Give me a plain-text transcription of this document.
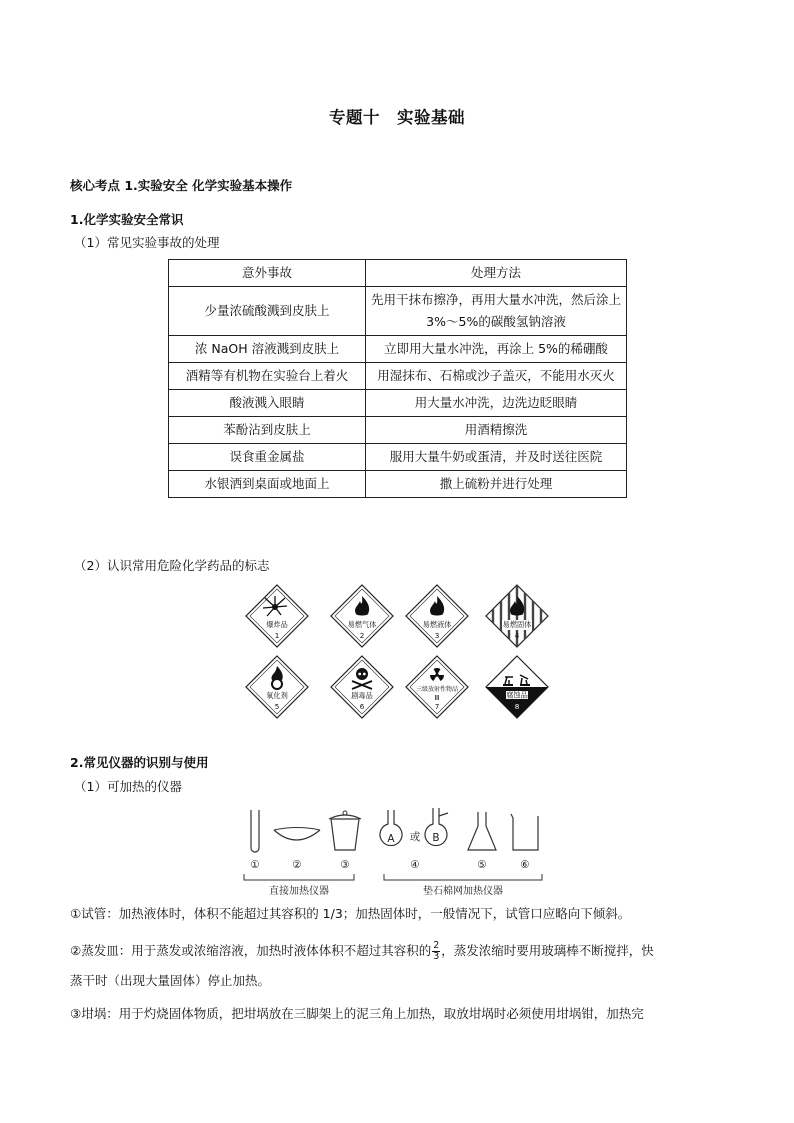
专题十　实验基础
核心考点 1.实验安全 化学实验基本操作
1.化学实验安全常识
（1）常见实验事故的处理
意外事故	处理方法
少量浓硫酸溅到皮肤上	先用干抹布擦净，再用大量水冲洗，然后涂上 3%～5%的碳酸氢钠溶液
浓 NaOH 溶液溅到皮肤上	立即用大量水冲洗，再涂上 5%的稀硼酸
酒精等有机物在实验台上着火	用湿抹布、石棉或沙子盖灭，不能用水灭火
酸液溅入眼睛	用大量水冲洗，边洗边眨眼睛
苯酚沾到皮肤上	用酒精擦洗
误食重金属盐	服用大量牛奶或蛋清，并及时送往医院
水银洒到桌面或地面上	撒上硫粉并进行处理
（2）认识常用危险化学药品的标志
爆炸品
1
易燃气体
2
易燃液体
3
易燃固体
4
氧化剂
5
剧毒品
6
三级放射性物品
Ⅲ
7
腐蚀品
8
2.常见仪器的识别与使用
（1）可加热的仪器
A 或 B
①	②	③	④	⑤	⑥
直接加热仪器	垫石棉网加热仪器
①试管：加热液体时，体积不能超过其容积的 1/3；加热固体时，一般情况下，试管口应略向下倾斜。
②蒸发皿：用于蒸发或浓缩溶液，加热时液体体积不超过其容积的 $\frac{2}{3}$ ，蒸发浓缩时要用玻璃棒不断搅拌，快
蒸干时（出现大量固体）停止加热。
③坩埚：用于灼烧固体物质，把坩埚放在三脚架上的泥三角上加热，取放坩埚时必须使用坩埚钳，加热完
